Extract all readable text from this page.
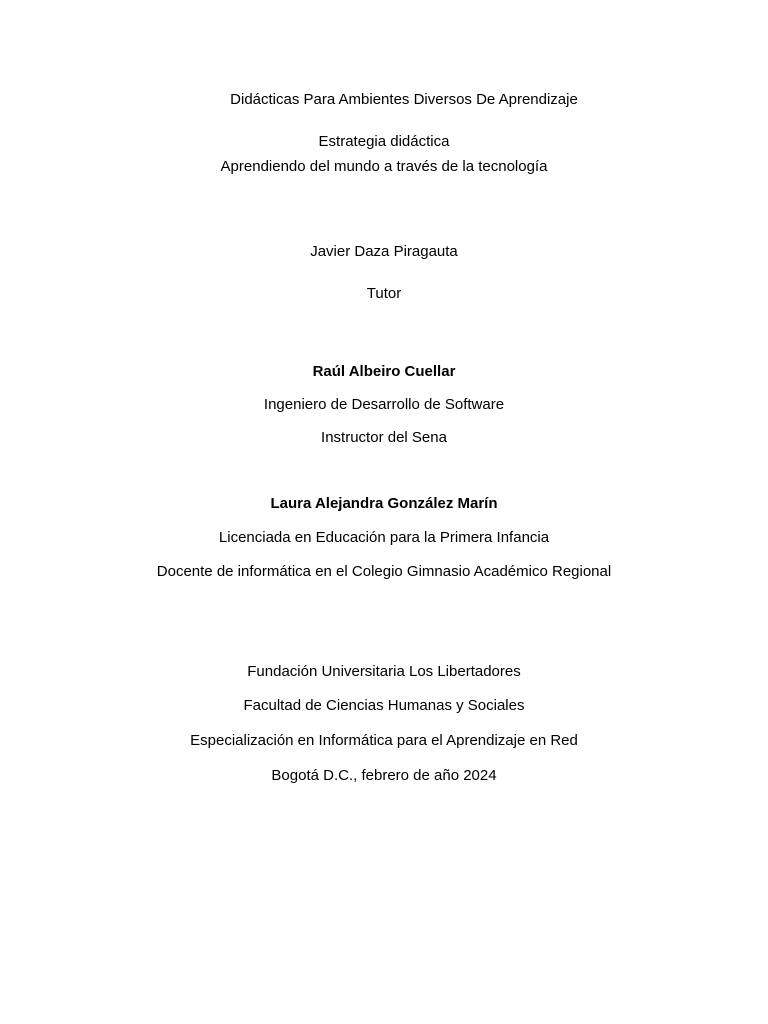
Didácticas Para Ambientes Diversos De Aprendizaje
Estrategia didáctica
Aprendiendo del mundo a través de la tecnología
Javier Daza Piragauta
Tutor
Raúl Albeiro Cuellar
Ingeniero de Desarrollo de Software
Instructor del Sena
Laura Alejandra González Marín
Licenciada en Educación para la Primera Infancia
Docente de informática en el Colegio Gimnasio Académico Regional
Fundación Universitaria Los Libertadores
Facultad de Ciencias Humanas y Sociales
Especialización en Informática para el Aprendizaje en Red
Bogotá D.C., febrero de año 2024
